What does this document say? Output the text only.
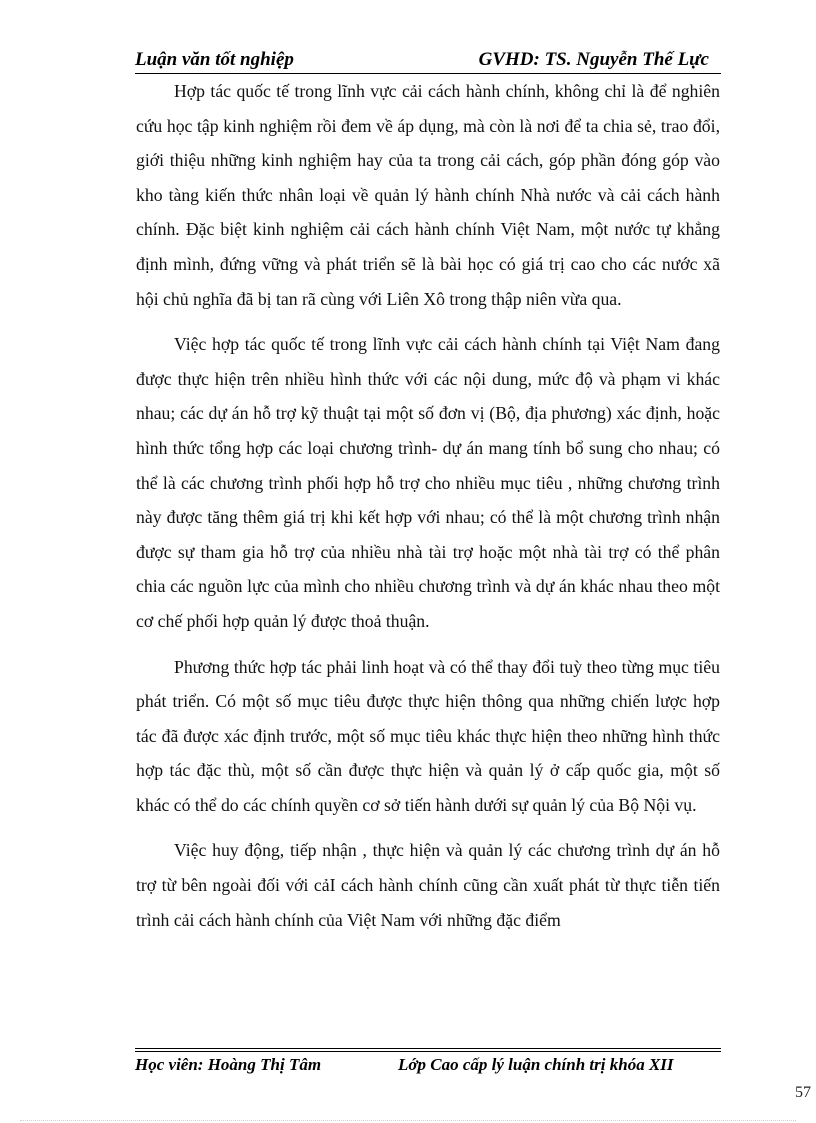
Luận văn tốt nghiệp	GVHD: TS. Nguyễn Thế Lực

Hợp tác quốc tế trong lĩnh vực cải cách hành chính, không chỉ là để nghiên cứu học tập kinh nghiệm rồi đem về áp dụng, mà còn là nơi để ta chia sẻ, trao đổi, giới thiệu những kinh nghiệm hay của ta trong cải cách, góp phần đóng góp vào kho tàng kiến thức nhân loại về quản lý hành chính Nhà nước và cải cách hành chính. Đặc biệt kinh nghiệm cải cách hành chính Việt Nam, một nước tự khẳng định mình, đứng vững và phát triển sẽ là bài học có giá trị cao cho các nước xã hội chủ nghĩa đã bị tan rã cùng với Liên Xô trong thập niên vừa qua.

Việc hợp tác quốc tế trong lĩnh vực cải cách hành chính tại Việt Nam đang được thực hiện trên nhiều hình thức với các nội dung, mức độ và phạm vi khác nhau; các dự án hỗ trợ kỹ thuật tại một số đơn vị (Bộ, địa phương) xác định, hoặc hình thức tổng hợp các loại chương trình- dự án mang tính bổ sung cho nhau; có thể là các chương trình phối hợp hỗ trợ cho nhiều mục tiêu , những chương trình này được tăng thêm giá trị khi kết hợp với nhau; có thể là một chương trình nhận được sự tham gia hỗ trợ của nhiều nhà tài trợ hoặc một nhà tài trợ có thể phân chia các nguồn lực của mình cho nhiều chương trình và dự án khác nhau theo một cơ chế phối hợp quản lý được thoả thuận.

Phương thức hợp tác phải linh hoạt và có thể thay đổi tuỳ theo từng mục tiêu phát triển. Có một số mục tiêu được thực hiện thông qua những chiến lược hợp tác đã được xác định trước, một số mục tiêu khác thực hiện theo những hình thức hợp tác đặc thù, một số cần được thực hiện và quản lý ở cấp quốc gia, một số khác có thể do các chính quyền cơ sở tiến hành dưới sự quản lý của Bộ Nội vụ.

Việc huy động, tiếp nhận , thực hiện và quản lý các chương trình dự án hỗ trợ từ bên ngoài đối với cảI cách hành chính cũng cần xuất phát từ thực tiễn tiến trình cải cách hành chính của Việt Nam với những đặc điểm

Học viên: Hoàng Thị Tâm	Lớp Cao cấp lý luận chính trị khóa XII
57
